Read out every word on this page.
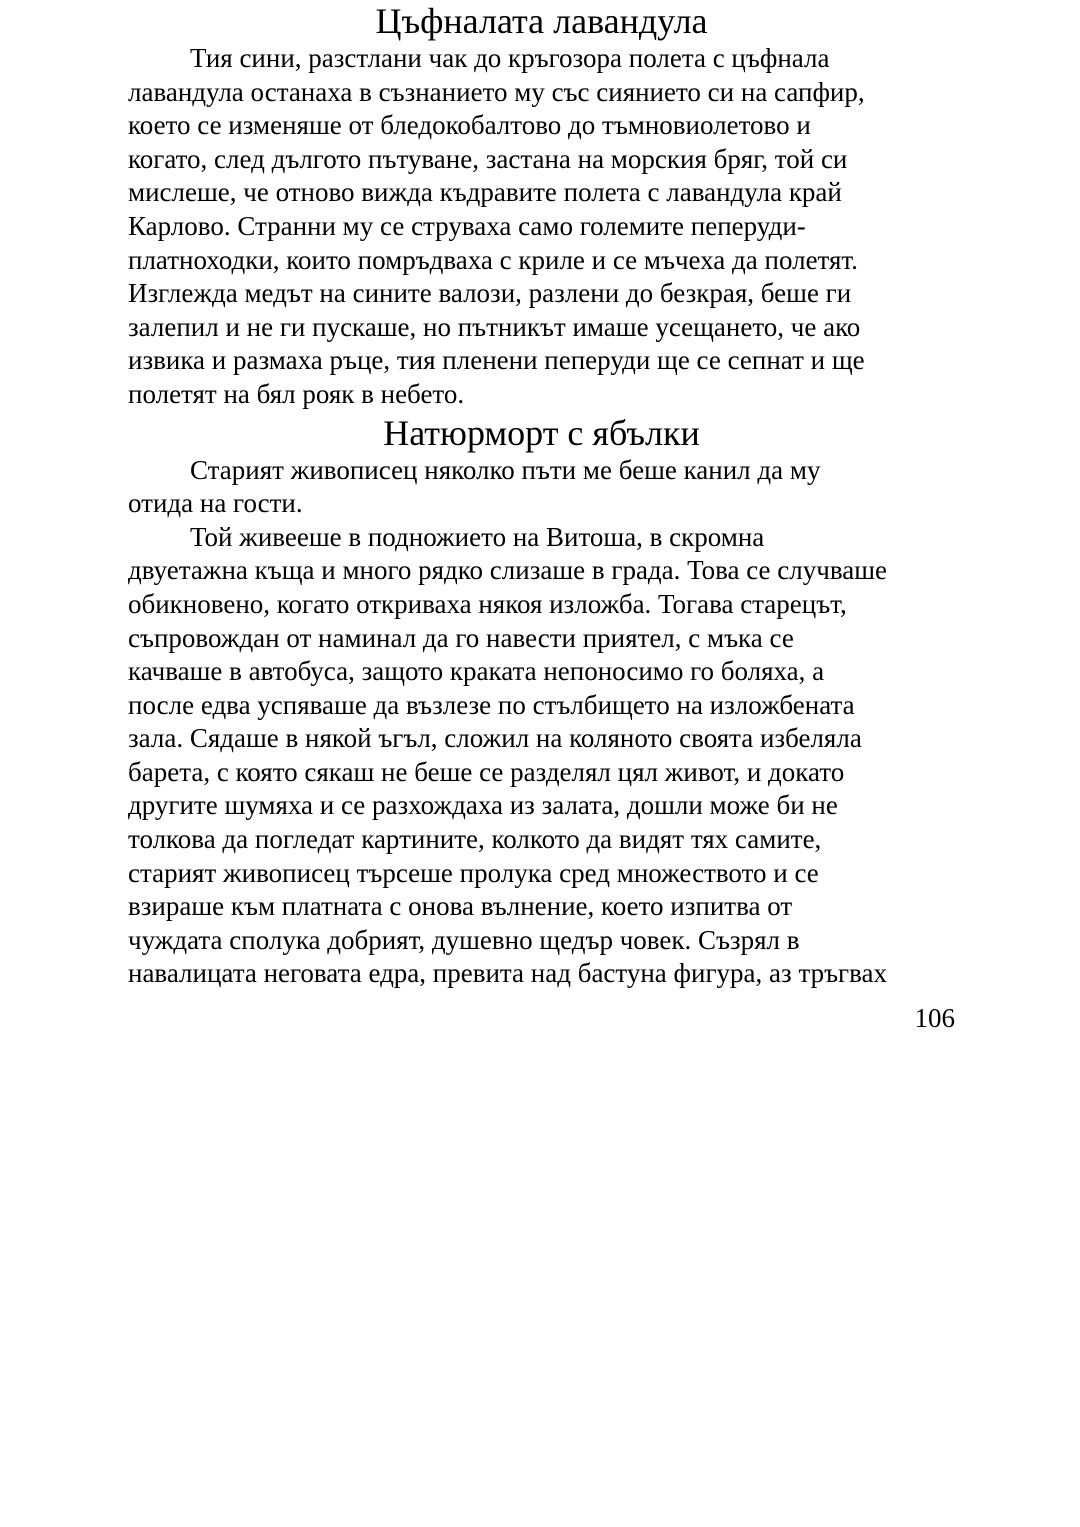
Цъфналата лавандула

Тия сини, разстлани чак до кръгозора полета с цъфнала
лавандула останаха в съзнанието му със сиянието си на сапфир,
което се изменяше от бледокобалтово до тъмновиолетово и
когато, след дългото пътуване, застана на морския бряг, той си
мислеше, че отново вижда къдравите полета с лавандула край
Карлово. Странни му се струваха само големите пеперуди-
платноходки, които помръдваха с криле и се мъчеха да полетят.
Изглежда медът на сините валози, разлени до безкрая, беше ги
залепил и не ги пускаше, но пътникът имаше усещането, че ако
извика и размаха ръце, тия пленени пеперуди ще се сепнат и ще
полетят на бял рояк в небето.

Натюрморт с ябълки

Старият живописец няколко пъти ме беше канил да му
отида на гости.

Той живееше в подножието на Витоша, в скромна
двуетажна къща и много рядко слизаше в града. Това се случваше
обикновено, когато откриваха някоя изложба. Тогава старецът,
съпровождан от наминал да го навести приятел, с мъка се
качваше в автобуса, защото краката непоносимо го боляха, а
после едва успяваше да възлезе по стълбището на изложбената
зала. Сядаше в някой ъгъл, сложил на коляното своята избеляла
барета, с която сякаш не беше се разделял цял живот, и докато
другите шумяха и се разхождаха из залата, дошли може би не
толкова да погледат картините, колкото да видят тях самите,
старият живописец търсеше пролука сред множеството и се
взираше към платната с онова вълнение, което изпитва от
чуждата сполука добрият, душевно щедър човек. Съзрял в
навалицата неговата едра, превита над бастуна фигура, аз тръгвах

106
